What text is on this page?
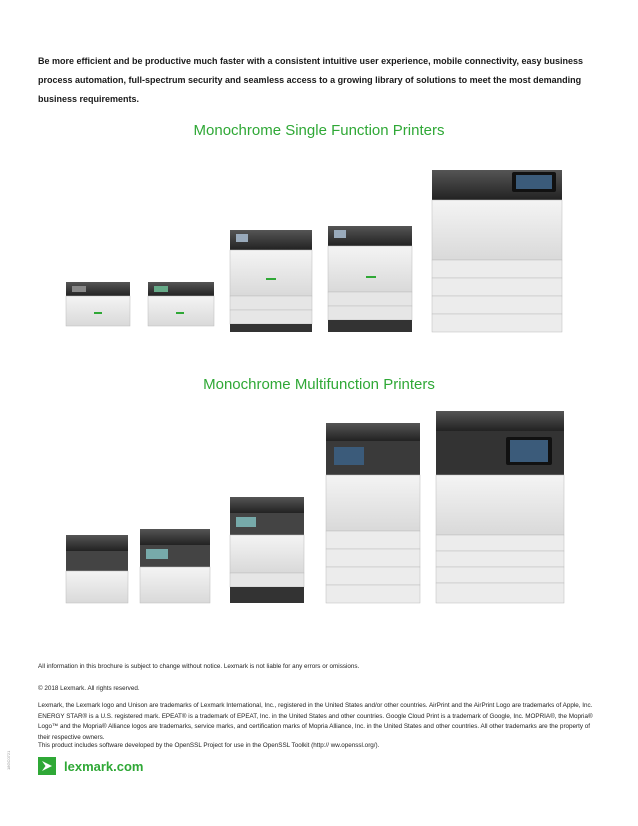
Be more efficient and be productive much faster with a consistent intuitive user experience, mobile connectivity, easy business process automation, full-spectrum security and seamless access to a growing library of solutions to meet the most demanding business requirements.

Monochrome Single Function Printers
Monochrome Multifunction Printers

All information in this brochure is subject to change without notice. Lexmark is not liable for any errors or omissions.

© 2018 Lexmark. All rights reserved.

Lexmark, the Lexmark logo and Unison are trademarks of Lexmark International, Inc., registered in the United States and/or other countries. AirPrint and the AirPrint Logo are trademarks of Apple, Inc. ENERGY STAR® is a U.S. registered mark. EPEAT® is a trademark of EPEAT, Inc. in the United States and other countries. Google Cloud Print is a trademark of Google, Inc. MOPRIA®, the Mopria® Logo™ and the Mopria® Alliance logos are trademarks, service marks, and certification marks of Mopria Alliance, Inc. in the United States and other countries. All other trademarks are the property of their respective owners.

This product includes software developed by the OpenSSL Project for use in the OpenSSL Toolkit (http:// ww.openssl.org/).

18GC0721	lexmark.com
